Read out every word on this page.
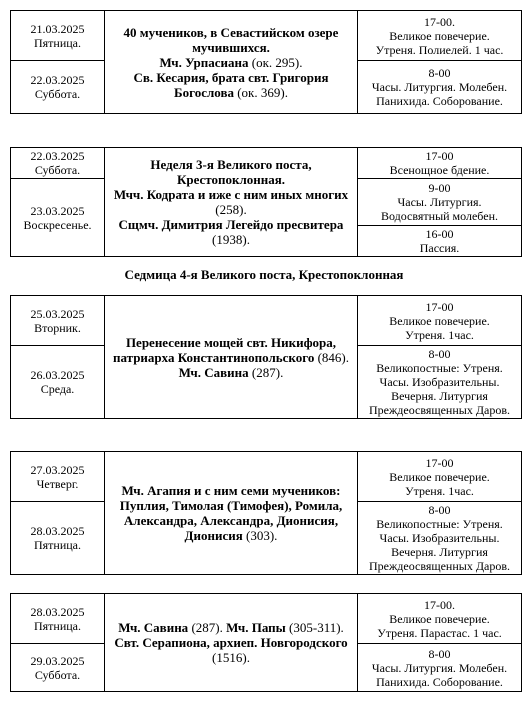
21.03.2025
Пятница.	40 мучеников, в Севастийском озере мучившихся.
Мч. Урпасиана (ок. 295).
Св. Кесария, брата свт. Григория Богослова (ок. 369).	17-00.
Великое повечерие.
Утреня. Полиелей. 1 час.

22.03.2025
Суббота.		8-00
Часы. Литургия. Молебен.
Панихида. Соборование.
22.03.2025
Суббота.	Неделя 3-я Великого поста, Крестопоклонная.
Мчч. Кодрата и иже с ним иных многих (258).
Сщмч. Димитрия Легейдо пресвитера (1938).	17-00
Всенощное бдение.

23.03.2025
Воскресенье.		9-00
Часы. Литургия.
Водосвятный молебен.

		16-00
Пассия.
Седмица 4-я Великого поста, Крестопоклонная
25.03.2025
Вторник.	Перенесение мощей свт. Никифора, патриарха Константинопольского (846). Мч. Савина (287).	17-00
Великое повечерие.
Утреня. 1час.

26.03.2025
Среда.		8-00
Великопостные: Утреня.
Часы. Изобразительны.
Вечерня. Литургия
Преждеосвященных Даров.
27.03.2025
Четверг.	Мч. Агапия и с ним семи мучеников: Пуплия, Тимолая (Тимофея), Ромила, Александра, Александра, Дионисия, Дионисия (303).	17-00
Великое повечерие.
Утреня. 1час.

28.03.2025
Пятница.		8-00
Великопостные: Утреня.
Часы. Изобразительны.
Вечерня. Литургия
Преждеосвященных Даров.
28.03.2025
Пятница.	Мч. Савина (287). Мч. Папы (305-311). Свт. Серапиона, архиеп. Новгородского (1516).	17-00.
Великое повечерие.
Утреня. Парастас. 1 час.

29.03.2025
Суббота.		8-00
Часы. Литургия. Молебен.
Панихида. Соборование.
